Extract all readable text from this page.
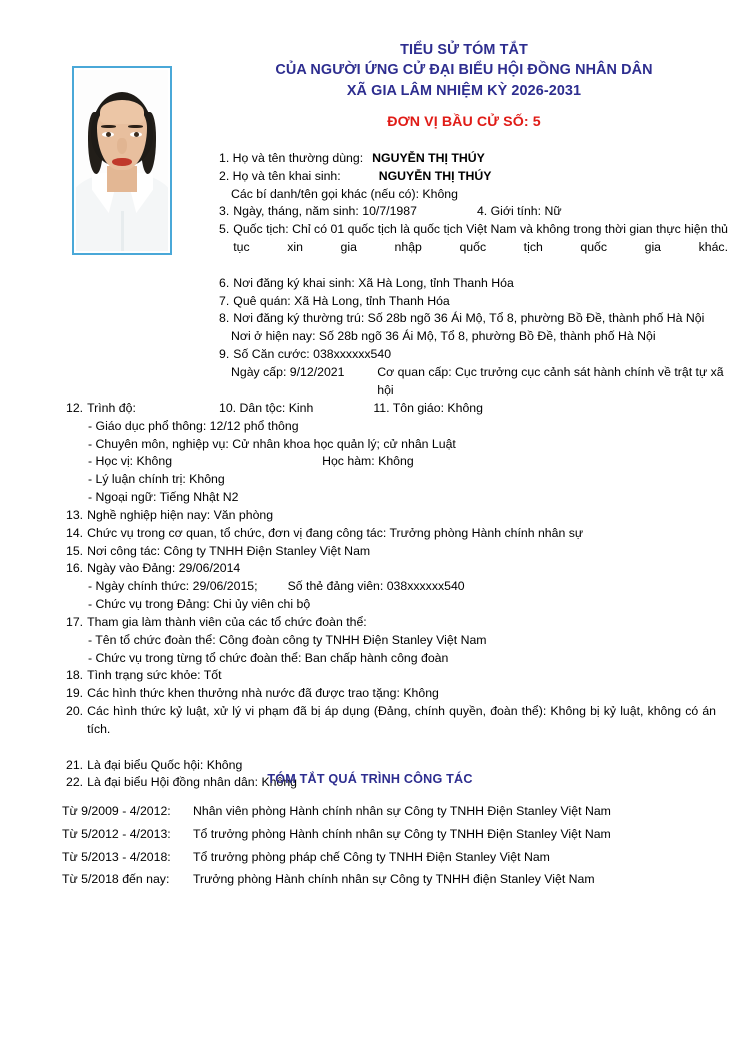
TIỂU SỬ TÓM TẮT
CỦA NGƯỜI ỨNG CỬ ĐẠI BIỂU HỘI ĐỒNG NHÂN DÂN
XÃ GIA LÂM NHIỆM KỲ 2026-2031
ĐƠN VỊ BẦU CỬ SỐ: 5
1. Họ và tên thường dùng: NGUYỄN THỊ THÚY
2. Họ và tên khai sinh:	NGUYỄN THỊ THÚY
Các bí danh/tên gọi khác (nếu có): Không
3. Ngày, tháng, năm sinh: 10/7/1987	4. Giới tính: Nữ
5. Quốc tịch: Chỉ có 01 quốc tịch là quốc tịch Việt Nam và không trong thời gian thực hiện thủ tục xin gia nhập quốc tịch quốc gia khác.
6. Nơi đăng ký khai sinh: Xã Hà Long, tỉnh Thanh Hóa
7. Quê quán: Xã Hà Long, tỉnh Thanh Hóa
8. Nơi đăng ký thường trú: Số 28b ngõ 36 Ái Mộ, Tổ 8, phường Bồ Đề, thành phố Hà Nội
Nơi ở hiện nay: Số 28b ngõ 36 Ái Mộ, Tổ 8, phường Bồ Đề, thành phố Hà Nội
9. Số Căn cước: 038xxxxxx540
Ngày cấp: 9/12/2021	Cơ quan cấp: Cục trưởng cục cảnh sát hành chính về trật tự xã hội
10. Dân tộc: Kinh	11. Tôn giáo: Không
12. Trình độ:
- Giáo dục phổ thông: 12/12 phổ thông
- Chuyên môn, nghiệp vụ: Cử nhân khoa học quản lý; cử nhân Luật
- Học vị: Không	Học hàm: Không
- Lý luận chính trị: Không
- Ngoại ngữ: Tiếng Nhật N2
13. Nghề nghiệp hiện nay: Văn phòng
14. Chức vụ trong cơ quan, tổ chức, đơn vị đang công tác: Trưởng phòng Hành chính nhân sự
15. Nơi công tác: Công ty TNHH Điện Stanley Việt Nam
16. Ngày vào Đảng: 29/06/2014
- Ngày chính thức: 29/06/2015; Số thẻ đảng viên: 038xxxxxx540
- Chức vụ trong Đảng: Chi ủy viên chi bộ
17. Tham gia làm thành viên của các tổ chức đoàn thể:
- Tên tổ chức đoàn thể: Công đoàn công ty TNHH Điện Stanley Việt Nam
- Chức vụ trong từng tổ chức đoàn thể: Ban chấp hành công đoàn
18. Tình trạng sức khỏe: Tốt
19. Các hình thức khen thưởng nhà nước đã được trao tặng: Không
20. Các hình thức kỷ luật, xử lý vi phạm đã bị áp dụng (Đảng, chính quyền, đoàn thể): Không bị kỷ luật, không có án tích.
21. Là đại biểu Quốc hội: Không
22. Là đại biểu Hội đồng nhân dân: Không
TÓM TẮT QUÁ TRÌNH CÔNG TÁC
Từ 9/2009 - 4/2012:	Nhân viên phòng Hành chính nhân sự Công ty TNHH Điện Stanley Việt Nam
Từ 5/2012 - 4/2013:	Tổ trưởng phòng Hành chính nhân sự Công ty TNHH Điện Stanley Việt Nam
Từ 5/2013 - 4/2018:	Tổ trưởng phòng pháp chế Công ty TNHH Điện Stanley Việt Nam
Từ 5/2018 đến nay:	Trưởng phòng Hành chính nhân sự Công ty TNHH điện Stanley Việt Nam
